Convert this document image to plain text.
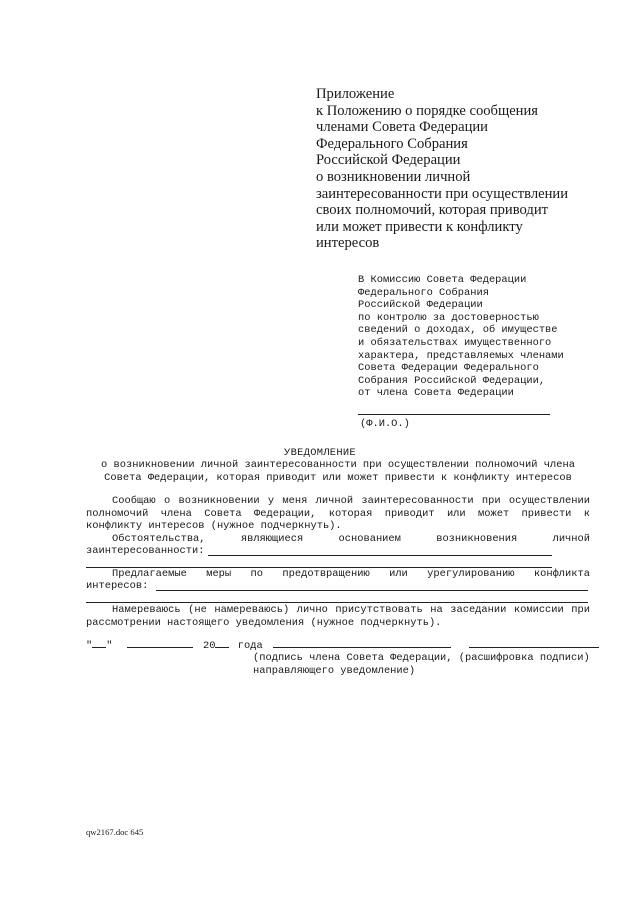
Приложение
к Положению о порядке сообщения
членами Совета Федерации
Федерального Собрания
Российской Федерации
о возникновении личной
заинтересованности при осуществлении
своих полномочий, которая приводит
или может привести к конфликту
интересов
В Комиссию Совета Федерации
Федерального Собрания
Российской Федерации
по контролю за достоверностью
сведений о доходах, об имуществе
и обязательствах имущественного
характера, представляемых членами
Совета Федерации Федерального
Собрания Российской Федерации,
от члена Совета Федерации
(Ф.И.О.)
УВЕДОМЛЕНИЕ
о возникновении личной заинтересованности при осуществлении полномочий члена Совета Федерации, которая приводит или может привести к конфликту интересов
Сообщаю о возникновении у меня личной заинтересованности при осуществлении полномочий члена Совета Федерации, которая приводит или может привести к конфликту интересов (нужное подчеркнуть).
Обстоятельства, являющиеся основанием возникновения личной
заинтересованности:
Предлагаемые меры по предотвращению или урегулированию конфликта
интересов:
Намереваюсь (не намереваюсь) лично присутствовать на заседании комиссии при рассмотрении настоящего уведомления (нужное подчеркнуть).
" "	20 года
(подпись члена Совета Федерации, (расшифровка подписи)
направляющего уведомление)
qw2167.doc 645
